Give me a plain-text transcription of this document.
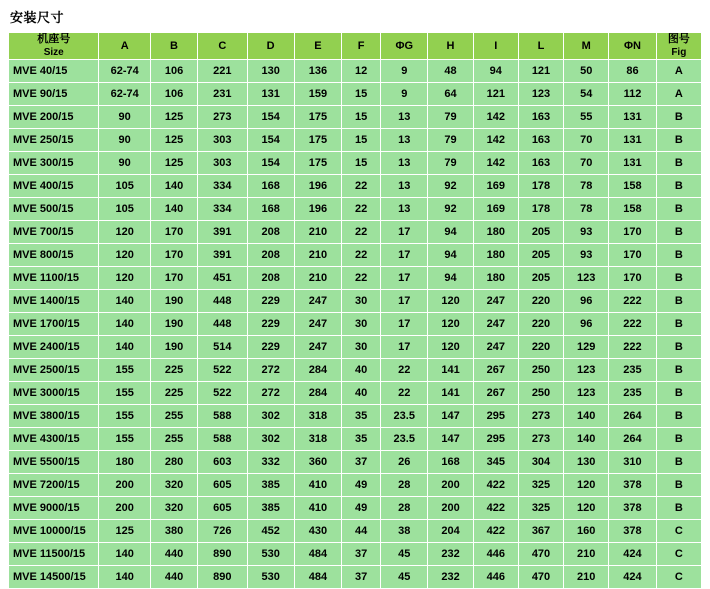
安装尺寸
机座号
Size	A	B	C	D	E	F	ΦG	H	I	L	M	ΦN	图号
Fig

MVE 40/15	62-74	106	221	130	136	12	9	48	94	121	50	86	A
MVE 90/15	62-74	106	231	131	159	15	9	64	121	123	54	112	A
MVE 200/15	90	125	273	154	175	15	13	79	142	163	55	131	B
MVE 250/15	90	125	303	154	175	15	13	79	142	163	70	131	B
MVE 300/15	90	125	303	154	175	15	13	79	142	163	70	131	B
MVE 400/15	105	140	334	168	196	22	13	92	169	178	78	158	B
MVE 500/15	105	140	334	168	196	22	13	92	169	178	78	158	B
MVE 700/15	120	170	391	208	210	22	17	94	180	205	93	170	B
MVE 800/15	120	170	391	208	210	22	17	94	180	205	93	170	B
MVE 1100/15	120	170	451	208	210	22	17	94	180	205	123	170	B
MVE 1400/15	140	190	448	229	247	30	17	120	247	220	96	222	B
MVE 1700/15	140	190	448	229	247	30	17	120	247	220	96	222	B
MVE 2400/15	140	190	514	229	247	30	17	120	247	220	129	222	B
MVE 2500/15	155	225	522	272	284	40	22	141	267	250	123	235	B
MVE 3000/15	155	225	522	272	284	40	22	141	267	250	123	235	B
MVE 3800/15	155	255	588	302	318	35	23.5	147	295	273	140	264	B
MVE 4300/15	155	255	588	302	318	35	23.5	147	295	273	140	264	B
MVE 5500/15	180	280	603	332	360	37	26	168	345	304	130	310	B
MVE 7200/15	200	320	605	385	410	49	28	200	422	325	120	378	B
MVE 9000/15	200	320	605	385	410	49	28	200	422	325	120	378	B
MVE 10000/15	125	380	726	452	430	44	38	204	422	367	160	378	C
MVE 11500/15	140	440	890	530	484	37	45	232	446	470	210	424	C
MVE 14500/15	140	440	890	530	484	37	45	232	446	470	210	424	C
